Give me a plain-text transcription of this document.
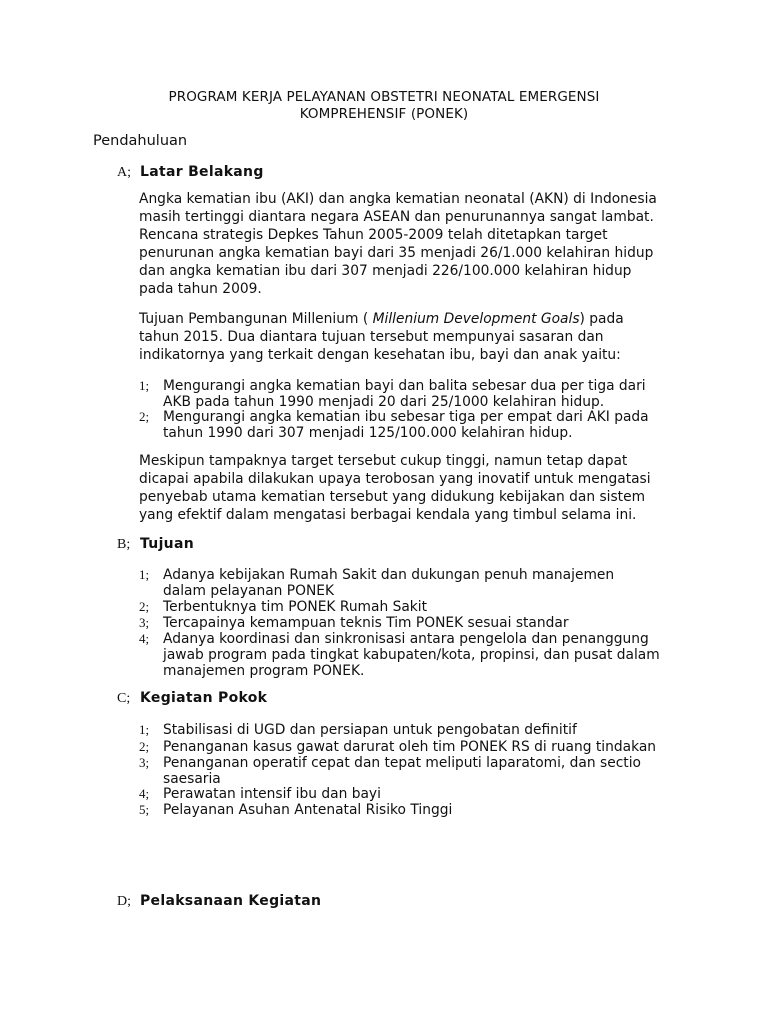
PROGRAM KERJA PELAYANAN OBSTETRI NEONATAL EMERGENSI
KOMPREHENSIF (PONEK)
Pendahuluan
A; Latar Belakang
Angka kematian ibu (AKI) dan angka kematian neonatal (AKN) di Indonesia
masih tertinggi diantara negara ASEAN dan penurunannya sangat lambat.
Rencana strategis Depkes Tahun 2005-2009 telah ditetapkan target
penurunan angka kematian bayi dari 35 menjadi 26/1.000 kelahiran hidup
dan angka kematian ibu dari 307 menjadi 226/100.000 kelahiran hidup
pada tahun 2009.
Tujuan Pembangunan Millenium ( Millenium Development Goals) pada
tahun 2015. Dua diantara tujuan tersebut mempunyai sasaran dan
indikatornya yang terkait dengan kesehatan ibu, bayi dan anak yaitu:
1; Mengurangi angka kematian bayi dan balita sebesar dua per tiga dari
AKB pada tahun 1990 menjadi 20 dari 25/1000 kelahiran hidup.
2; Mengurangi angka kematian ibu sebesar tiga per empat dari AKI pada
tahun 1990 dari 307 menjadi 125/100.000 kelahiran hidup.
Meskipun tampaknya target tersebut cukup tinggi, namun tetap dapat
dicapai apabila dilakukan upaya terobosan yang inovatif untuk mengatasi
penyebab utama kematian tersebut yang didukung kebijakan dan sistem
yang efektif dalam mengatasi berbagai kendala yang timbul selama ini.
B; Tujuan
1; Adanya kebijakan Rumah Sakit dan dukungan penuh manajemen
dalam pelayanan PONEK
2; Terbentuknya tim PONEK Rumah Sakit
3; Tercapainya kemampuan teknis Tim PONEK sesuai standar
4; Adanya koordinasi dan sinkronisasi antara pengelola dan penanggung
jawab program pada tingkat kabupaten/kota, propinsi, dan pusat dalam
manajemen program PONEK.
C; Kegiatan Pokok
1; Stabilisasi di UGD dan persiapan untuk pengobatan definitif
2; Penanganan kasus gawat darurat oleh tim PONEK RS di ruang tindakan
3; Penanganan operatif cepat dan tepat meliputi laparatomi, dan sectio
saesaria
4; Perawatan intensif ibu dan bayi
5; Pelayanan Asuhan Antenatal Risiko Tinggi
D; Pelaksanaan Kegiatan
